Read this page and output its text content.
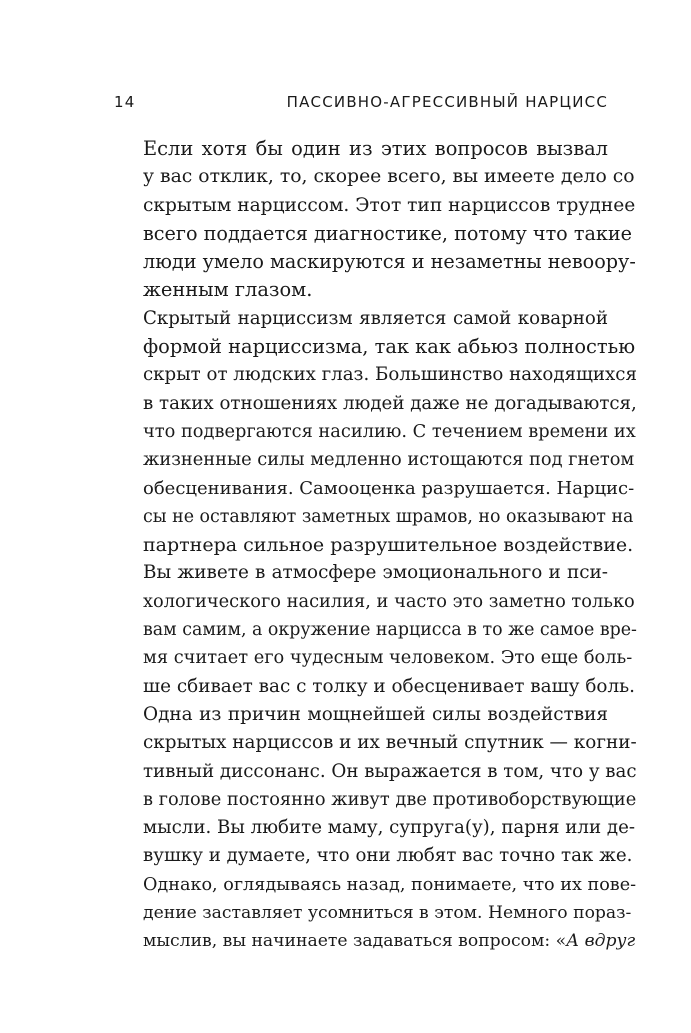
14	ПАССИВНО-АГРЕССИВНЫЙ НАРЦИСС

Если хотя бы один из этих вопросов вызвал
у вас отклик, то, скорее всего, вы имеете дело со
скрытым нарциссом. Этот тип нарциссов труднее
всего поддается диагностике, потому что такие
люди умело маскируются и незаметны невоору-
женным глазом.

Скрытый нарциссизм является самой коварной
формой нарциссизма, так как абьюз полностью
скрыт от людских глаз. Большинство находящихся
в таких отношениях людей даже не догадываются,
что подвергаются насилию. С течением времени их
жизненные силы медленно истощаются под гнетом
обесценивания. Самооценка разрушается. Нарцис-
сы не оставляют заметных шрамов, но оказывают на
партнера сильное разрушительное воздействие.

Вы живете в атмосфере эмоционального и пси-
хологического насилия, и часто это заметно только
вам самим, а окружение нарцисса в то же самое вре-
мя считает его чудесным человеком. Это еще боль-
ше сбивает вас с толку и обесценивает вашу боль.

Одна из причин мощнейшей силы воздействия
скрытых нарциссов и их вечный спутник — когни-
тивный диссонанс. Он выражается в том, что у вас
в голове постоянно живут две противоборствующие
мысли. Вы любите маму, супруга(у), парня или де-
вушку и думаете, что они любят вас точно так же.
Однако, оглядываясь назад, понимаете, что их пове-
дение заставляет усомниться в этом. Немного пораз-
мыслив, вы начинаете задаваться вопросом: «А вдруг
